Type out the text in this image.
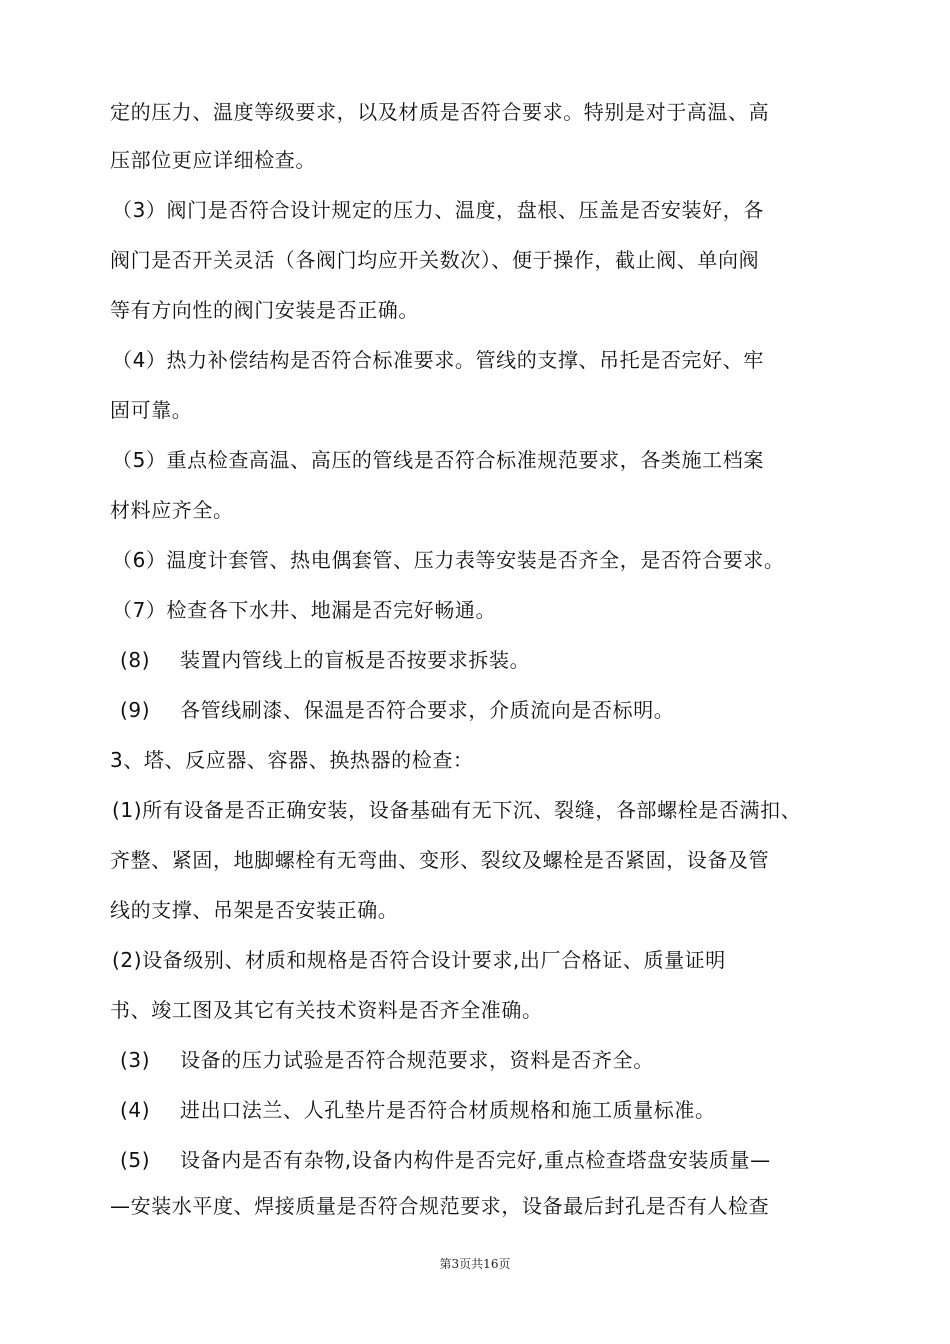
定的压力、温度等级要求，以及材质是否符合要求。特别是对于高温、高
压部位更应详细检查。
（3）阀门是否符合设计规定的压力、温度，盘根、压盖是否安装好，各
阀门是否开关灵活（各阀门均应开关数次）、便于操作，截止阀、单向阀
等有方向性的阀门安装是否正确。
（4）热力补偿结构是否符合标准要求。管线的支撑、吊托是否完好、牢
固可靠。
（5）重点检查高温、高压的管线是否符合标准规范要求，各类施工档案
材料应齐全。
（6）温度计套管、热电偶套管、压力表等安装是否齐全，是否符合要求。
（7）检查各下水井、地漏是否完好畅通。
(8) 装置内管线上的盲板是否按要求拆装。
(9) 各管线刷漆、保温是否符合要求，介质流向是否标明。
3、塔、反应器、容器、换热器的检查：
(1)所有设备是否正确安装，设备基础有无下沉、裂缝，各部螺栓是否满扣、
齐整、紧固，地脚螺栓有无弯曲、变形、裂纹及螺栓是否紧固，设备及管
线的支撑、吊架是否安装正确。
(2)设备级别、材质和规格是否符合设计要求,出厂合格证、质量证明
书、竣工图及其它有关技术资料是否齐全准确。
(3) 设备的压力试验是否符合规范要求，资料是否齐全。
(4) 进出口法兰、人孔垫片是否符合材质规格和施工质量标准。
(5) 设备内是否有杂物,设备内构件是否完好,重点检查塔盘安装质量—
—安装水平度、焊接质量是否符合规范要求，设备最后封孔是否有人检查
第3页共16页
